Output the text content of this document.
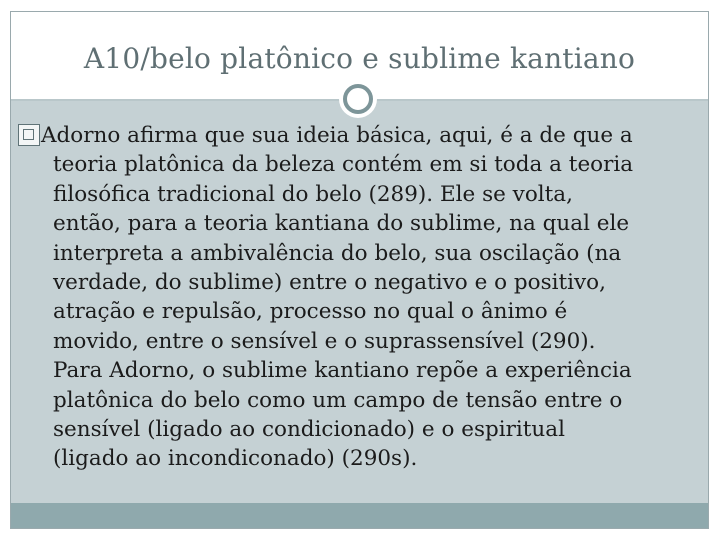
A10/belo platônico e sublime kantiano
Adorno afirma que sua ideia básica, aqui, é a de que a
teoria platônica da beleza contém em si toda a teoria
filosófica tradicional do belo (289). Ele se volta,
então, para a teoria kantiana do sublime, na qual ele
interpreta a ambivalência do belo, sua oscilação (na
verdade, do sublime) entre o negativo e o positivo,
atração e repulsão, processo no qual o ânimo é
movido, entre o sensível e o suprassensível (290).
Para Adorno, o sublime kantiano repõe a experiência
platônica do belo como um campo de tensão entre o
sensível (ligado ao condicionado) e o espiritual
(ligado ao incondiconado) (290s).
